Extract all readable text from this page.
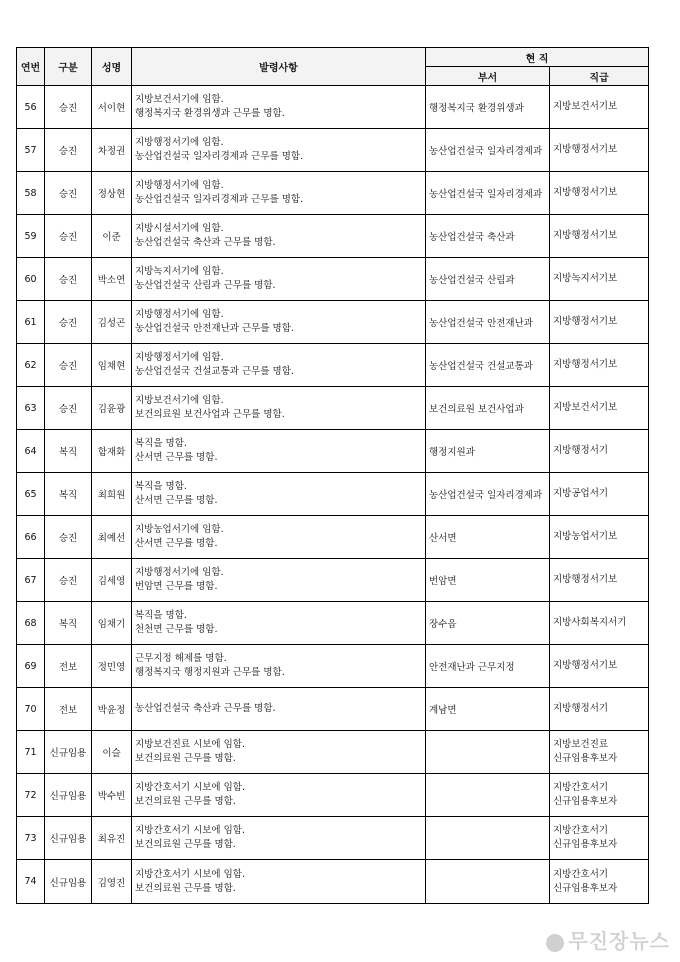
연번	구분	성명	발령사항	현 직	
				부서	직급
56	승진	서이현	지방보건서기에 임함.
행정복지국 환경위생과 근무를 명함.	행정복지국 환경위생과	지방보건서기보

57	승진	차정권	지방행정서기에 임함.
농산업건설국 일자리경제과 근무를 명함.	농산업건설국 일자리경제과	지방행정서기보

58	승진	정상현	지방행정서기에 임함.
농산업건설국 일자리경제과 근무를 명함.	농산업건설국 일자리경제과	지방행정서기보

59	승진	이준	지방시설서기에 임함.
농산업건설국 축산과 근무를 명함.	농산업건설국 축산과	지방행정서기보

60	승진	박소연	지방녹지서기에 임함.
농산업건설국 산림과 근무를 명함.	농산업건설국 산림과	지방녹지서기보

61	승진	김성곤	지방행정서기에 임함.
농산업건설국 안전재난과 근무를 명함.	농산업건설국 안전재난과	지방행정서기보

62	승진	임채현	지방행정서기에 임함.
농산업건설국 건설교통과 근무를 명함.	농산업건설국 건설교통과	지방행정서기보

63	승진	김윤광	지방보건서기에 임함.
보건의료원 보건사업과 근무를 명함.	보건의료원 보건사업과	지방보건서기보

64	복직	함재화	복직을 명함.
산서면 근무를 명함.	행정지원과	지방행정서기

65	복직	최희원	복직을 명함.
산서면 근무를 명함.	농산업건설국 일자리경제과	지방공업서기

66	승진	최예선	지방농업서기에 임함.
산서면 근무를 명함.	산서면	지방농업서기보

67	승진	김세영	지방행정서기에 임함.
번암면 근무를 명함.	번암면	지방행정서기보

68	복직	임채기	복직을 명함.
천천면 근무를 명함.	장수읍	지방사회복지서기

69	전보	정민영	근무지정 해제를 명함.
행정복지국 행정지원과 근무를 명함.	안전재난과 근무지정	지방행정서기보

70	전보	박윤정	농산업건설국 축산과 근무를 명함.	계남면	지방행정서기

71	신규임용	이슬	지방보건진료 시보에 임함.
보건의료원 근무를 명함.		지방보건진료
신규임용후보자

72	신규임용	박수빈	지방간호서기 시보에 임함.
보건의료원 근무를 명함.		지방간호서기
신규임용후보자

73	신규임용	최유진	지방간호서기 시보에 임함.
보건의료원 근무를 명함.		지방간호서기
신규임용후보자

74	신규임용	김영진	지방간호서기 시보에 임함.
보건의료원 근무를 명함.		지방간호서기
신규임용후보자
무진장뉴스
